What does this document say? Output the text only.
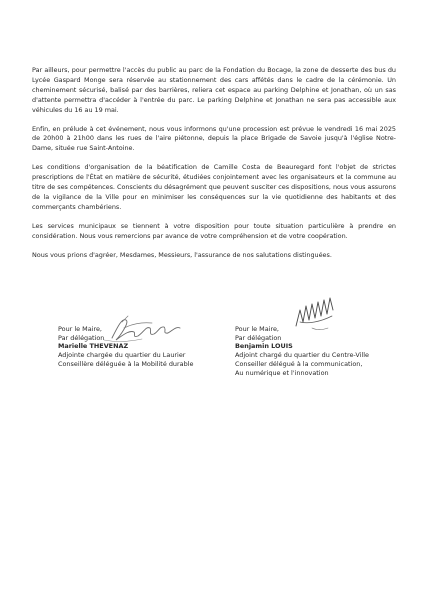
Par ailleurs, pour permettre l'accès du public au parc de la Fondation du Bocage, la zone de desserte des bus du Lycée Gaspard Monge sera réservée au stationnement des cars affétés dans le cadre de la cérémonie. Un cheminement sécurisé, balisé par des barrières, reliera cet espace au parking Delphine et Jonathan, où un sas d'attente permettra d'accéder à l'entrée du parc. Le parking Delphine et Jonathan ne sera pas accessible aux véhicules du 16 au 19 mai.

Enfin, en prélude à cet événement, nous vous informons qu'une procession est prévue le vendredi 16 mai 2025 de 20h00 à 21h00 dans les rues de l'aire piétonne, depuis la place Brigade de Savoie jusqu'à l'église Notre-Dame, située rue Saint-Antoine.

Les conditions d'organisation de la béatification de Camille Costa de Beauregard font l'objet de strictes prescriptions de l'État en matière de sécurité, étudiées conjointement avec les organisateurs et la commune au titre de ses compétences. Conscients du désagrément que peuvent susciter ces dispositions, nous vous assurons de la vigilance de la Ville pour en minimiser les conséquences sur la vie quotidienne des habitants et des commerçants chambériens.

Les services municipaux se tiennent à votre disposition pour toute situation particulière à prendre en considération. Nous vous remercions par avance de votre compréhension et de votre coopération.

Nous vous prions d'agréer, Mesdames, Messieurs, l'assurance de nos salutations distinguées.

Pour le Maire,
Par délégation
Marielle THEVENAZ
Adjointe chargée du quartier du Laurier
Conseillère déléguée à la Mobilité durable
Pour le Maire,
Par délégation
Benjamin LOUIS
Adjoint chargé du quartier du Centre-Ville
Conseiller délégué à la communication,
Au numérique et l'innovation
